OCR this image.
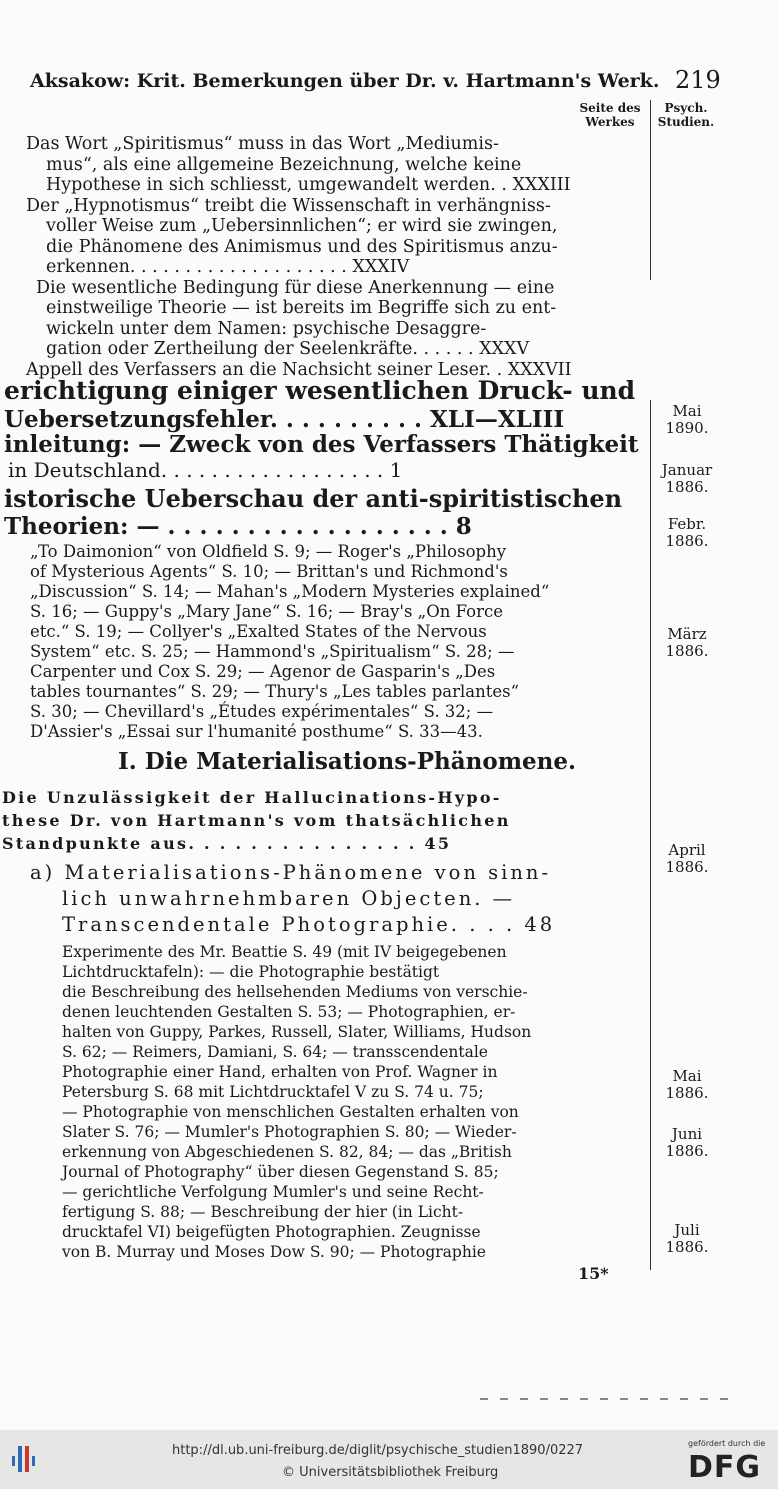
Aksakow: Krit. Bemerkungen über Dr. v. Hartmann's Werk. 219
Seite des
Werkes
Psych.
Studien.
Das Wort „Spiritismus“ muss in das Wort „Mediumis-
mus“, als eine allgemeine Bezeichnung, welche keine
Hypothese in sich schliesst, umgewandelt werden. . XXXIII
Der „Hypnotismus“ treibt die Wissenschaft in verhängniss-
voller Weise zum „Uebersinnlichen“; er wird sie zwingen,
die Phänomene des Animismus und des Spiritismus anzu-
erkennen. . . . . . . . . . . . . . . . . . . . XXXIV
Die wesentliche Bedingung für diese Anerkennung — eine
einstweilige Theorie — ist bereits im Begriffe sich zu ent-
wickeln unter dem Namen: psychische Desaggre-
gation oder Zertheilung der Seelenkräfte. . . . . . XXXV
Appell des Verfassers an die Nachsicht seiner Leser. . XXXVII
erichtigung einiger wesentlichen Druck- und
Uebersetzungsfehler. . . . . . . . . . XLI—XLIII
inleitung: — Zweck von des Verfassers Thätigkeit
in Deutschland. . . . . . . . . . . . . . . . . . 1
istorische Ueberschau der anti-spiritistischen
Theorien: — . . . . . . . . . . . . . . . . . . 8
„To Daimonion“ von Oldfield S. 9; — Roger's „Philosophy
of Mysterious Agents“ S. 10; — Brittan's und Richmond's
„Discussion“ S. 14; — Mahan's „Modern Mysteries explained“
S. 16; — Guppy's „Mary Jane“ S. 16; — Bray's „On Force
etc.“ S. 19; — Collyer's „Exalted States of the Nervous
System“ etc. S. 25; — Hammond's „Spiritualism“ S. 28; —
Carpenter und Cox S. 29; — Agenor de Gasparin's „Des
tables tournantes“ S. 29; — Thury's „Les tables parlantes“
S. 30; — Chevillard's „Études expérimentales“ S. 32; —
D'Assier's „Essai sur l'humanité posthume“ S. 33—43.
I. Die Materialisations-Phänomene.
Die Unzulässigkeit der Hallucinations-Hypo-
these Dr. von Hartmann's vom thatsächlichen
Standpunkte aus. . . . . . . . . . . . . . . 45
a) Materialisations-Phänomene von sinn-
lich unwahrnehmbaren Objecten. —
Transcendentale Photographie. . . . 48
Experimente des Mr. Beattie S. 49 (mit IV beigegebenen
Lichtdrucktafeln): — die Photographie bestätigt
die Beschreibung des hellsehenden Mediums von verschie-
denen leuchtenden Gestalten S. 53; — Photographien, er-
halten von Guppy, Parkes, Russell, Slater, Williams, Hudson
S. 62; — Reimers, Damiani, S. 64; — transscendentale
Photographie einer Hand, erhalten von Prof. Wagner in
Petersburg S. 68 mit Lichtdrucktafel V zu S. 74 u. 75;
— Photographie von menschlichen Gestalten erhalten von
Slater S. 76; — Mumler's Photographien S. 80; — Wieder-
erkennung von Abgeschiedenen S. 82, 84; — das „British
Journal of Photography“ über diesen Gegenstand S. 85;
— gerichtliche Verfolgung Mumler's und seine Recht-
fertigung S. 88; — Beschreibung der hier (in Licht-
drucktafel VI) beigefügten Photographien. Zeugnisse
von B. Murray und Moses Dow S. 90; — Photographie
15*
Mai
1890.
Januar
1886.
Febr.
1886.
März
1886.
April
1886.
Mai
1886.
Juni
1886.
Juli
1886.
http://dl.ub.uni-freiburg.de/diglit/psychische_studien1890/0227
© Universitätsbibliothek Freiburg
gefördert durch die
DFG
